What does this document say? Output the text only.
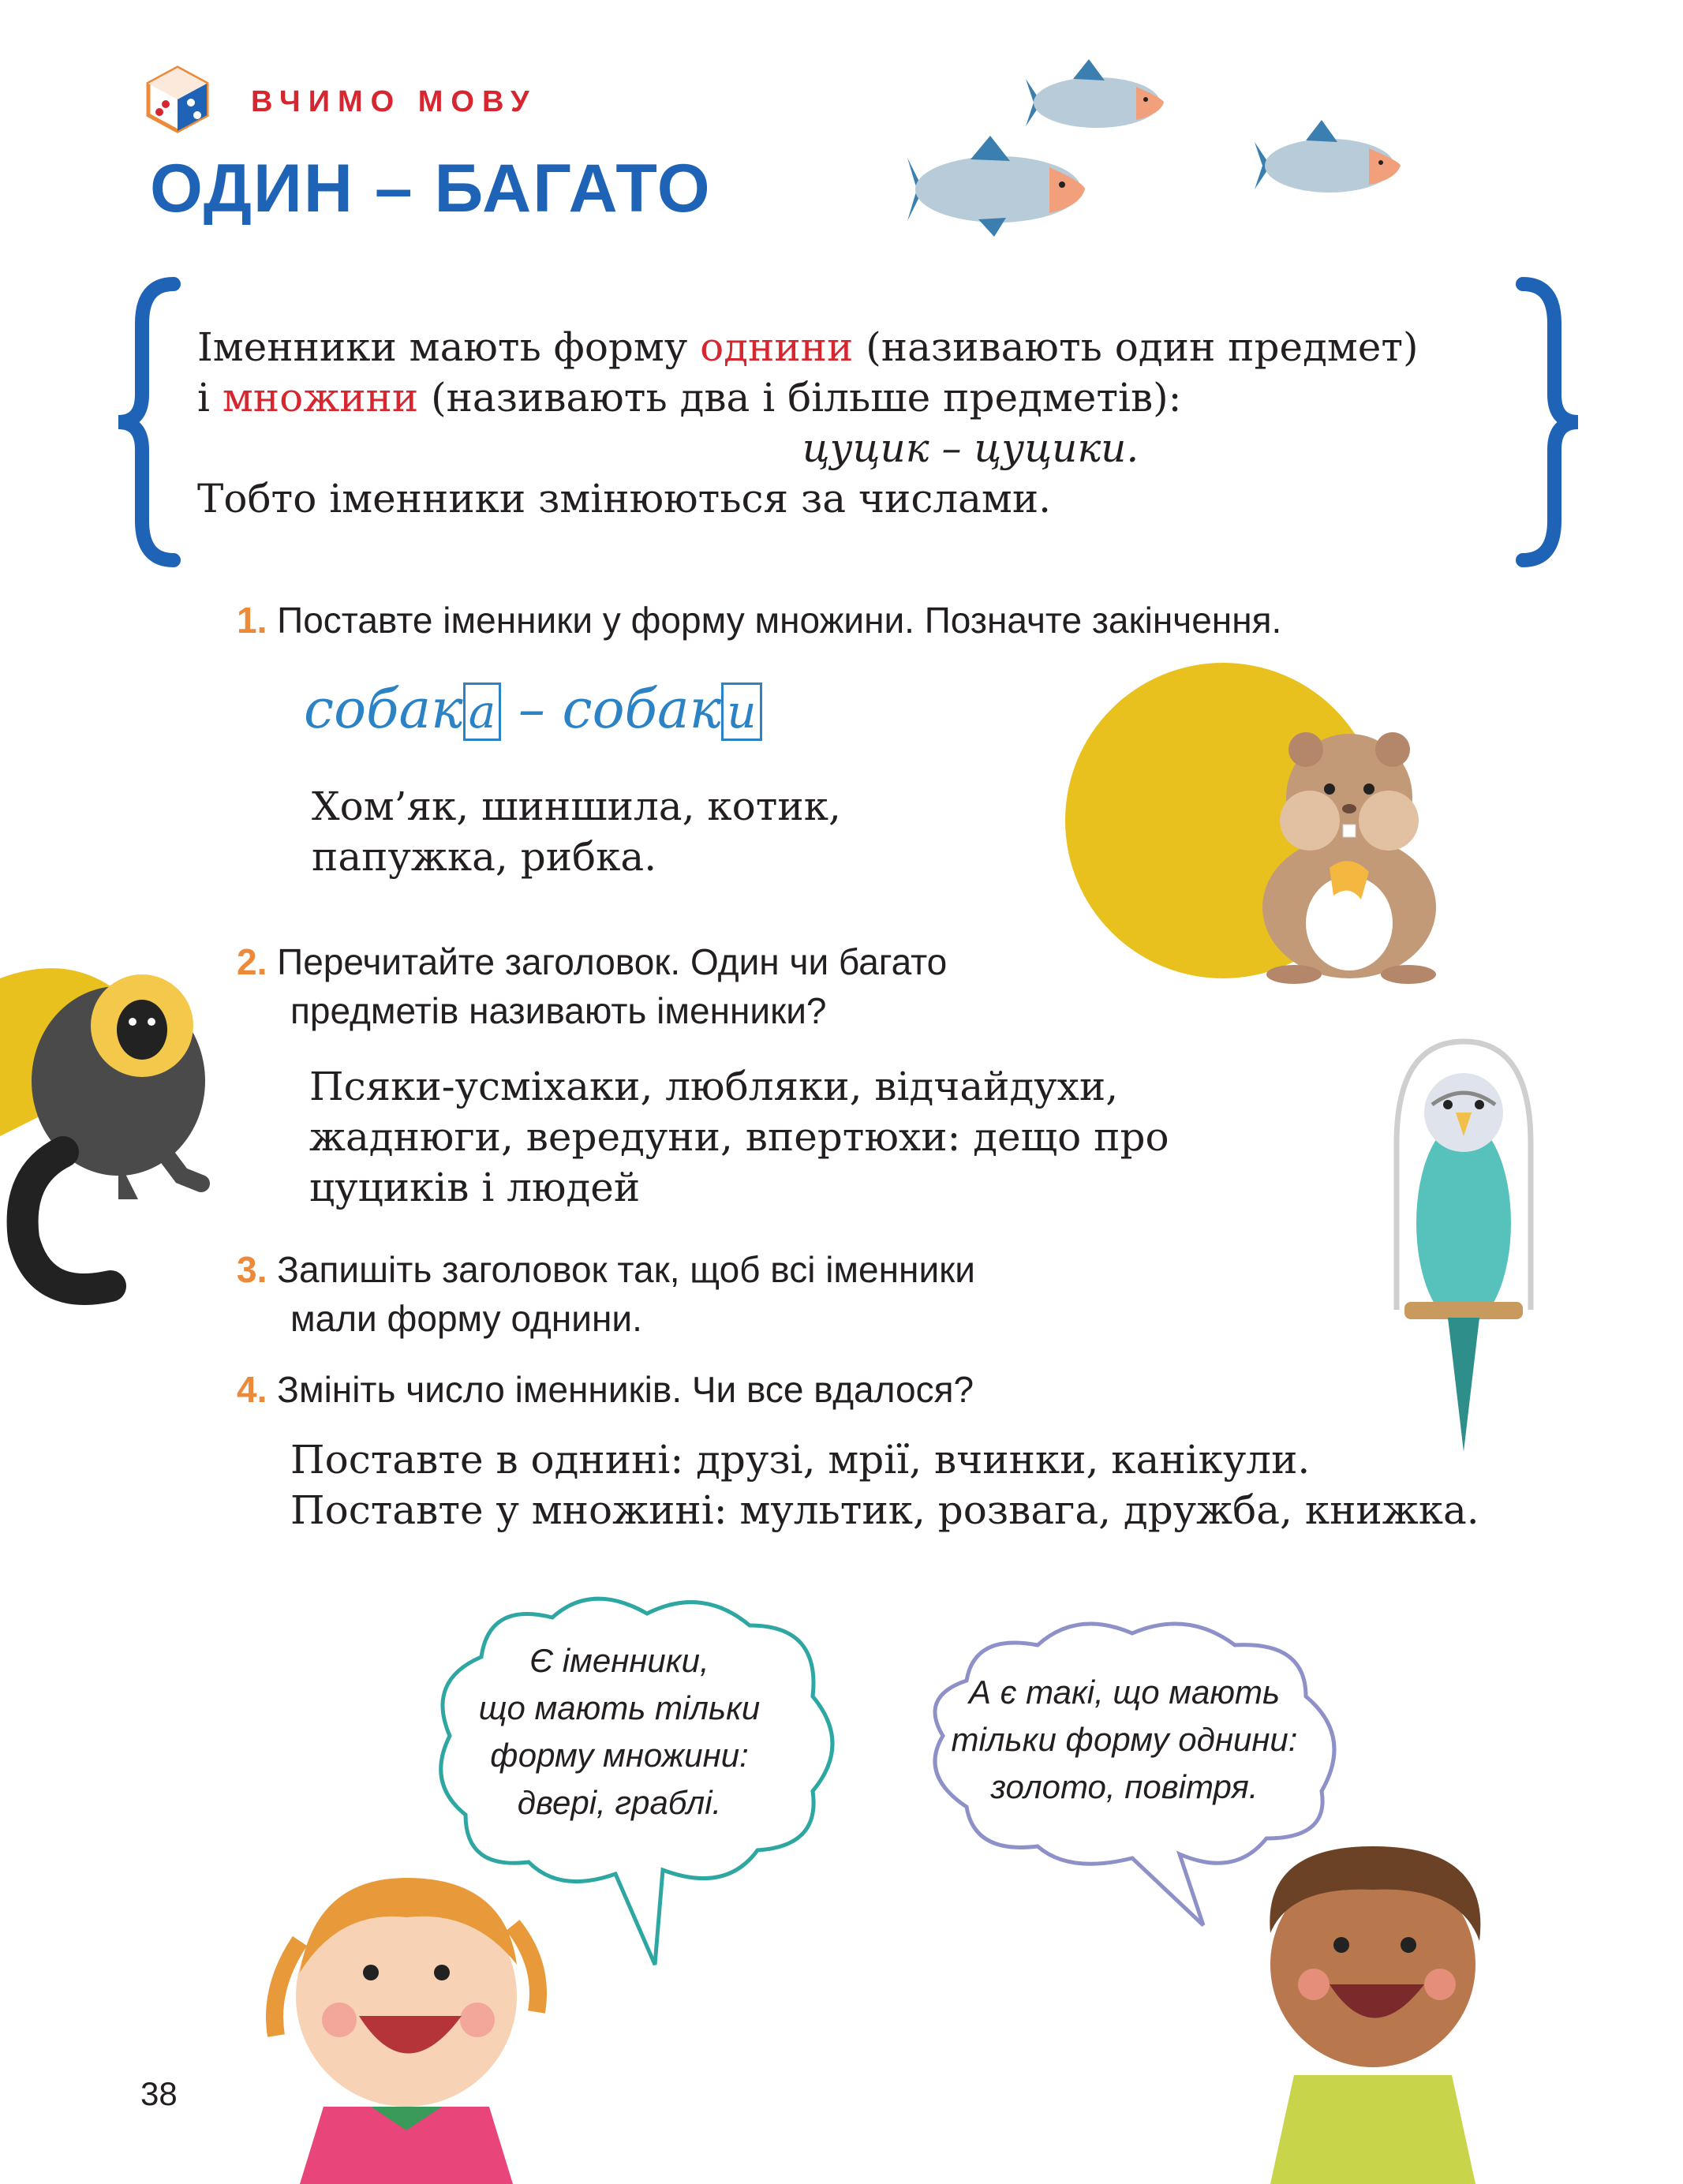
ВЧИМО МОВУ
ОДИН – БАГАТО
Іменники мають форму однини (називають один предмет)
і множини (називають два і більше предметів):
цуцик – цуцики.
Тобто іменники змінюються за числами.
1. Поставте іменники у форму множини. Позначте закінчення.
собак а – собак и
Хом’як, шиншила, котик,
папужка, рибка.
2. Перечитайте заголовок. Один чи багато
предметів називають іменники?
Псяки-усміхаки, любляки, відчайдухи,
жаднюги, вередуни, впертюхи: дещо про
цуциків і людей
3. Запишіть заголовок так, щоб всі іменники
мали форму однини.
4. Змініть число іменників. Чи все вдалося?
Поставте в однині: друзі, мрії, вчинки, канікули.
Поставте у множині: мультик, розвага, дружба, книжка.
Є іменники,
що мають тільки
форму множини:
двері, граблі.
А є такі, що мають
тільки форму однини:
золото, повітря.
38
